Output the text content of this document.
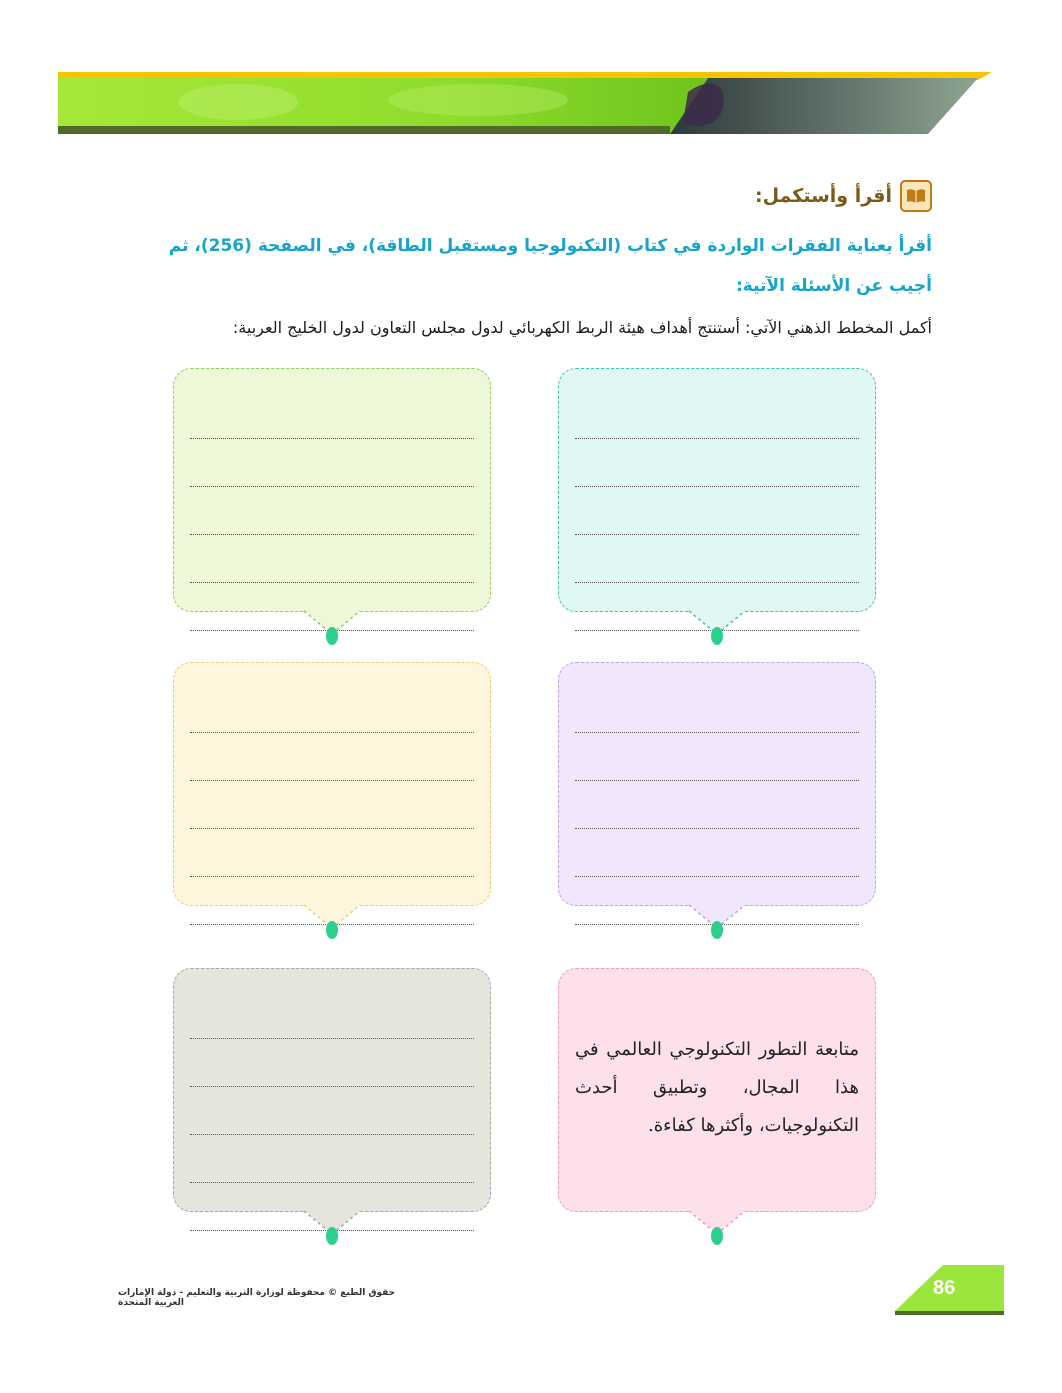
أقرأ وأستكمل:
أقرأ بعناية الفقرات الواردة في كتاب (التكنولوجيا ومستقبل الطاقة)، في الصفحة (256)، ثم أجيب عن الأسئلة الآتية:
أكمل المخطط الذهني الآتي: أستنتج أهداف هيئة الربط الكهربائي لدول مجلس التعاون لدول الخليج العربية:
متابعة التطور التكنولوجي العالمي في هذا المجال، وتطبيق أحدث التكنولوجيات، وأكثرها كفاءة.
حقوق الطبع © محفوظة لوزارة التربية والتعليم - دولة الإمارات العربية المتحدة
86
